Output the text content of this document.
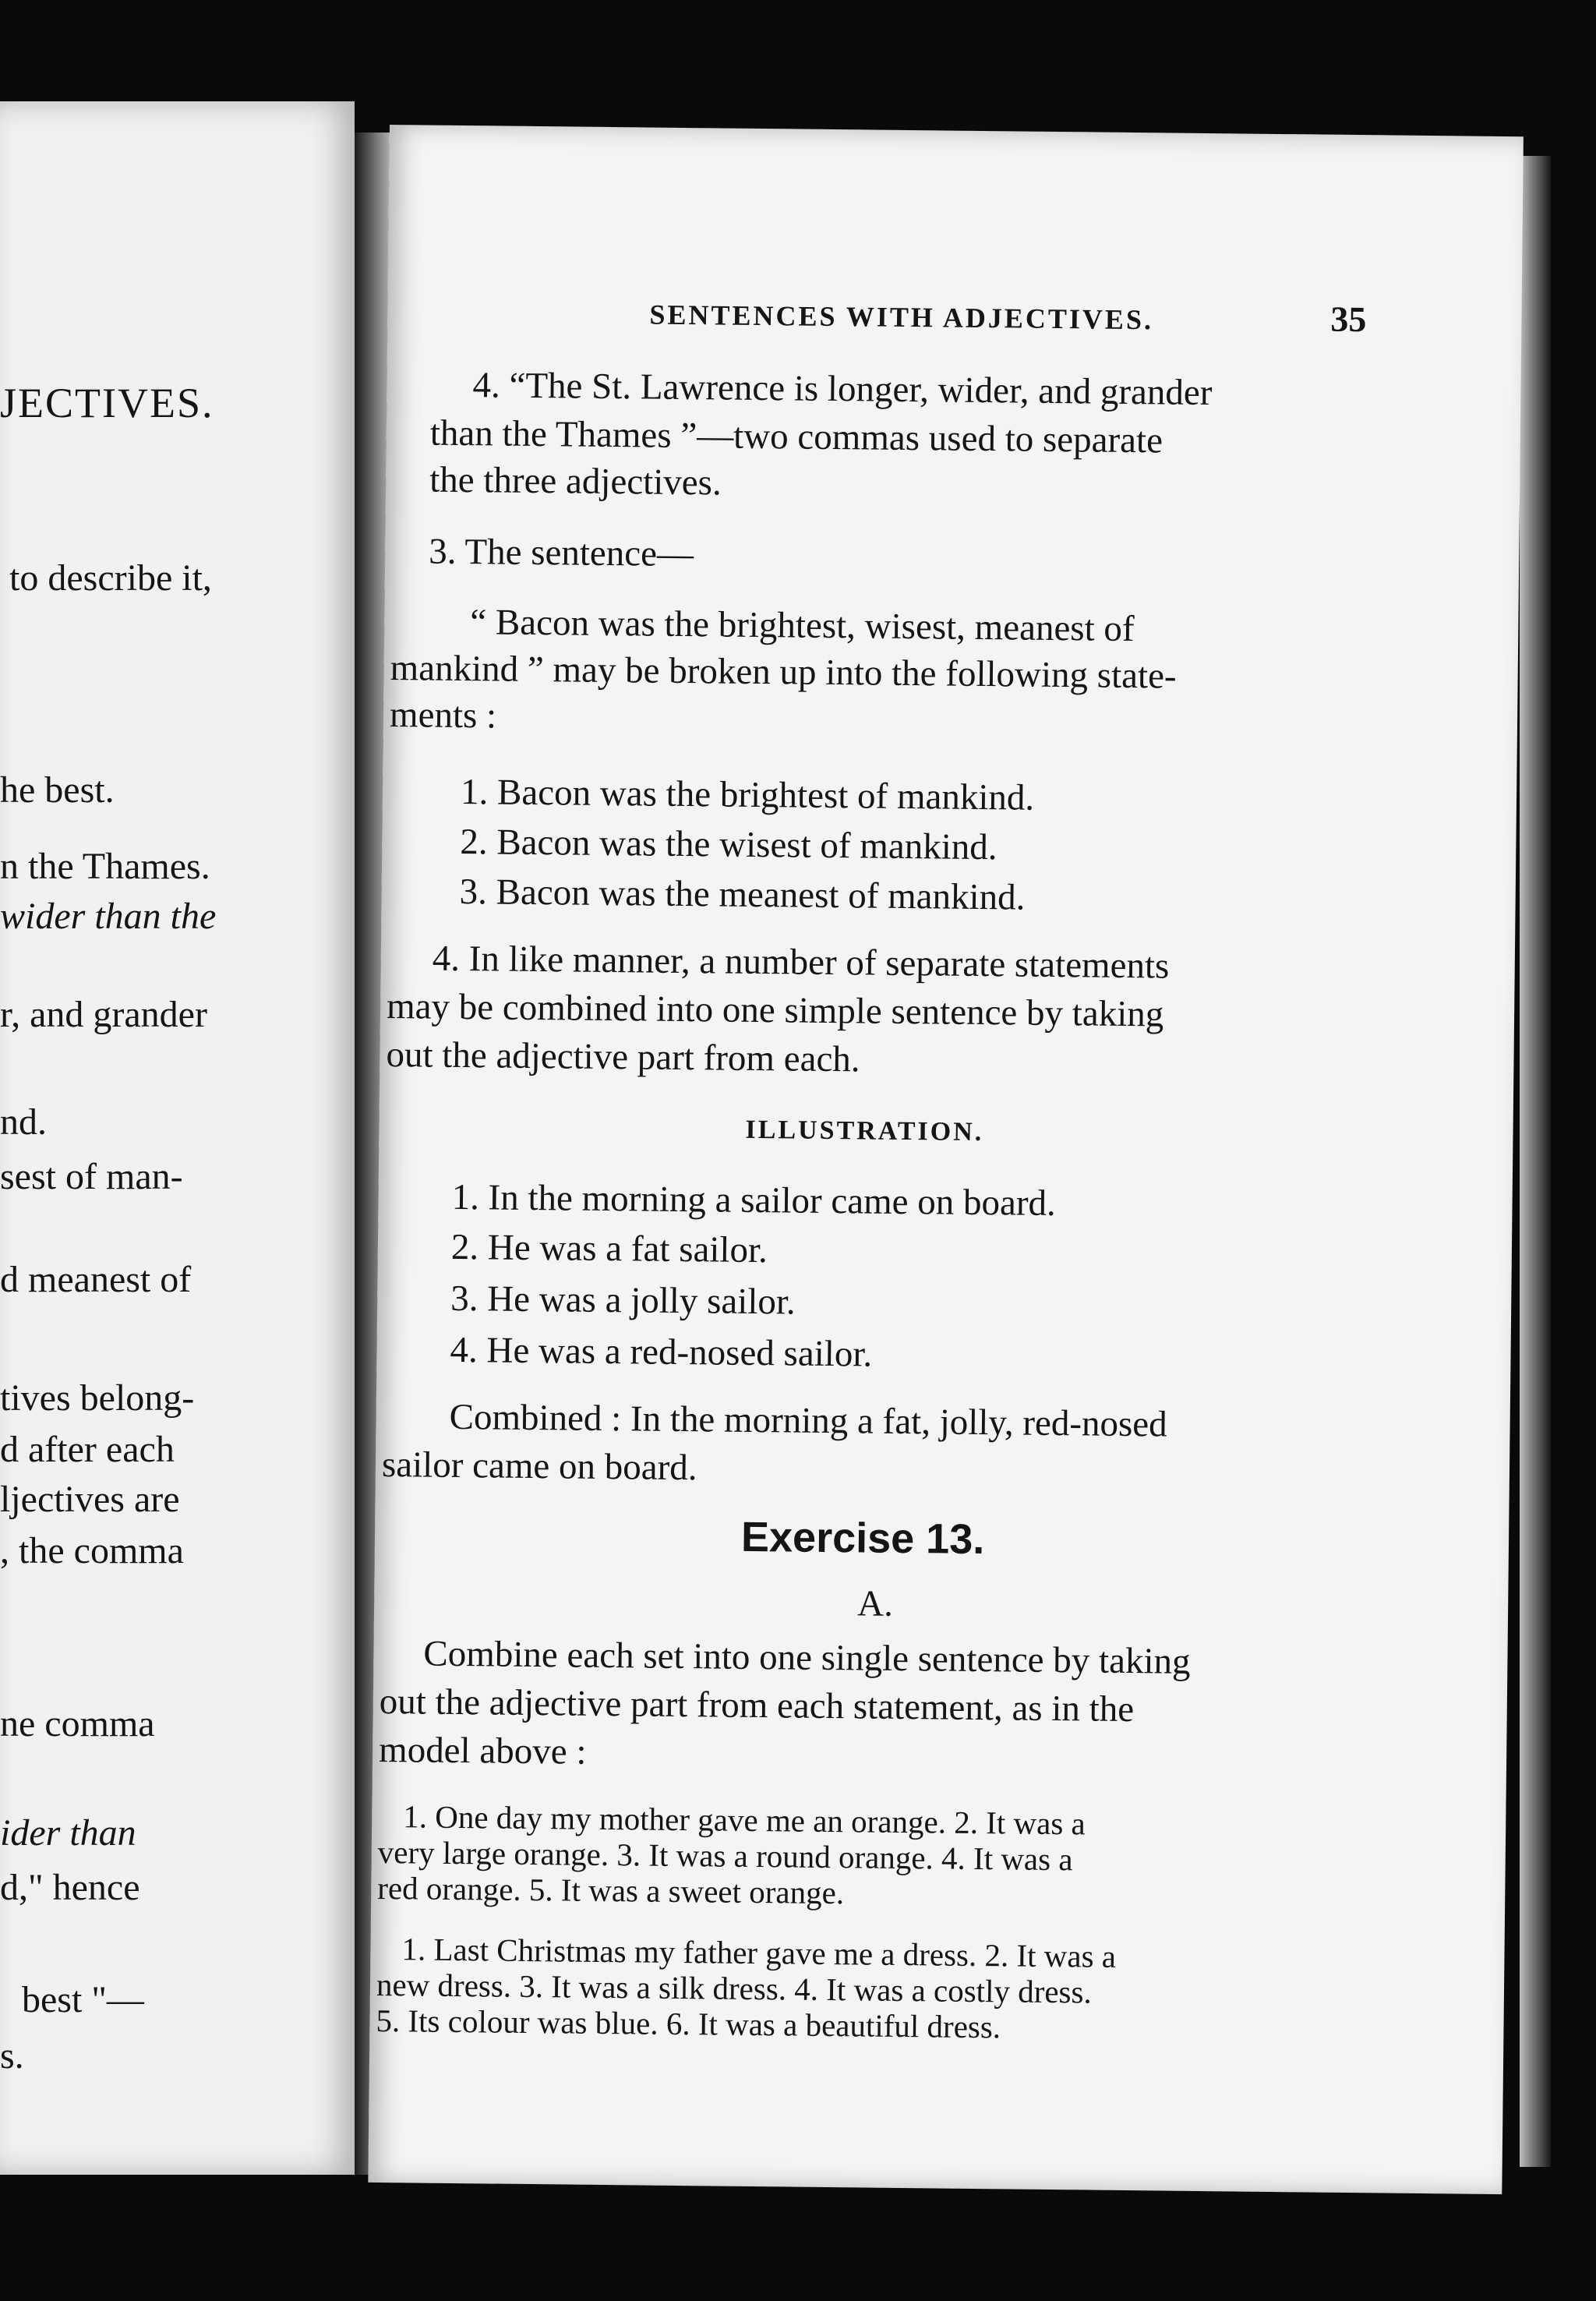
JECTIVES.
to describe it,
he best.
n the Thames.
wider than the
r, and grander
nd.
sest of man-
d meanest of
tives belong-
d after each
ljectives are
, the comma
ne comma
ider than
d," hence
best "—
s.
SENTENCES WITH ADJECTIVES.	35
4. “The St. Lawrence is longer, wider, and grander
than the Thames ”—two commas used to separate
the three adjectives.
3. The sentence—
“ Bacon was the brightest, wisest, meanest of
mankind ” may be broken up into the following state-
ments :
1. Bacon was the brightest of mankind.
2. Bacon was the wisest of mankind.
3. Bacon was the meanest of mankind.
4. In like manner, a number of separate statements
may be combined into one simple sentence by taking
out the adjective part from each.
ILLUSTRATION.
1. In the morning a sailor came on board.
2. He was a fat sailor.
3. He was a jolly sailor.
4. He was a red-nosed sailor.
Combined : In the morning a fat, jolly, red-nosed
sailor came on board.
Exercise 13.
A.
Combine each set into one single sentence by taking
out the adjective part from each statement, as in the
model above :
1. One day my mother gave me an orange. 2. It was a
very large orange. 3. It was a round orange. 4. It was a
red orange. 5. It was a sweet orange.
1. Last Christmas my father gave me a dress. 2. It was a
new dress. 3. It was a silk dress. 4. It was a costly dress.
5. Its colour was blue. 6. It was a beautiful dress.
